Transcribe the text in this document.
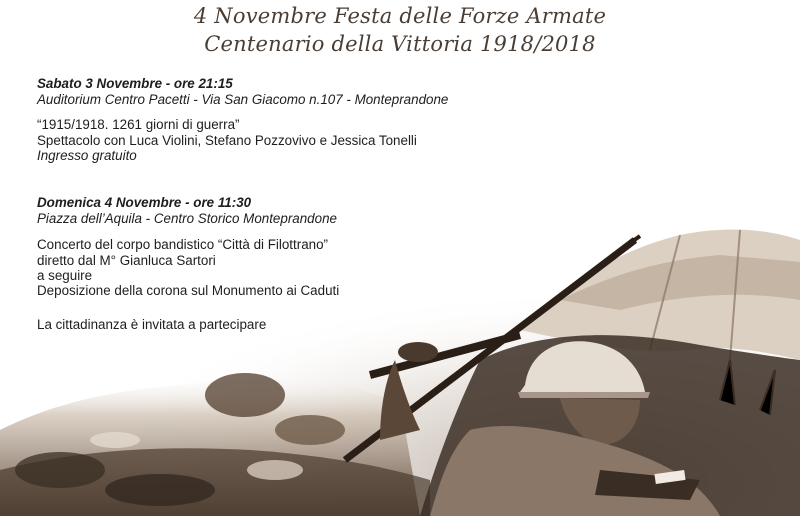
4 Novembre Festa delle Forze Armate
Centenario della Vittoria 1918/2018
Sabato 3 Novembre - ore 21:15
Auditorium Centro Pacetti - Via San Giacomo n.107 - Monteprandone
“1915/1918. 1261 giorni di guerra”
Spettacolo con Luca Violini, Stefano Pozzovivo e Jessica Tonelli
Ingresso gratuito
Domenica 4 Novembre - ore 11:30
Piazza dell’Aquila - Centro Storico Monteprandone
Concerto del corpo bandistico “Città di Filottrano”
diretto dal M° Gianluca Sartori
a seguire
Deposizione della corona sul Monumento ai Caduti
La cittadinanza è invitata a partecipare
